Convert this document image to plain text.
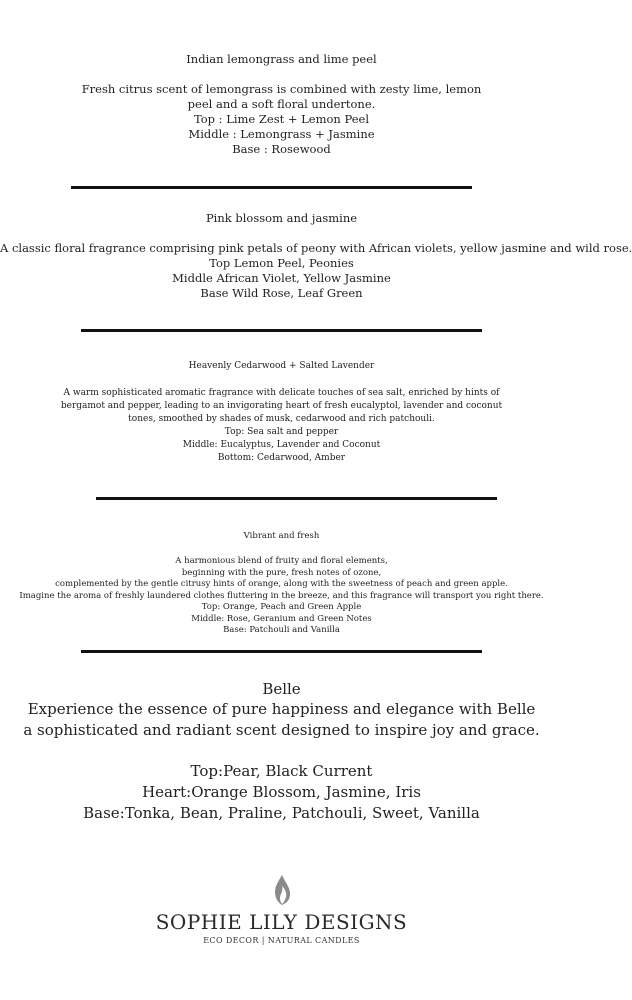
Indian lemongrass and lime peel

Fresh citrus scent of lemongrass is combined with zesty lime, lemon peel and a soft floral undertone.

Top : Lime Zest + Lemon Peel

Middle : Lemongrass + Jasmine

Base : Rosewood

Pink blossom and jasmine

A classic floral fragrance comprising pink petals of peony with African violets, yellow jasmine and wild rose.

Top Lemon Peel, Peonies

Middle African Violet, Yellow Jasmine

Base Wild Rose, Leaf Green

Heavenly Cedarwood + Salted Lavender

A warm sophisticated aromatic fragrance with delicate touches of sea salt, enriched by hints of bergamot and pepper, leading to an invigorating heart of fresh eucalyptol, lavender and coconut tones, smoothed by shades of musk, cedarwood and rich patchouli.

Top: Sea salt and pepper

Middle: Eucalyptus, Lavender and Coconut

Bottom: Cedarwood, Amber

Vibrant and fresh

A harmonious blend of fruity and floral elements,

beginning with the pure, fresh notes of ozone,

complemented by the gentle citrusy hints of orange, along with the sweetness of peach and green apple.

Imagine the aroma of freshly laundered clothes fluttering in the breeze, and this fragrance will transport you right there.

Top: Orange, Peach and Green Apple

Middle: Rose, Geranium and Green Notes

Base: Patchouli and Vanilla

Belle

Experience the essence of pure happiness and elegance with Belle

a sophisticated and radiant scent designed to inspire joy and grace.

Top:Pear, Black Current

Heart:Orange Blossom, Jasmine, Iris

Base:Tonka, Bean, Praline, Patchouli, Sweet, Vanilla

SOPHIE LILY DESIGNS

ECO DECOR | NATURAL CANDLES
